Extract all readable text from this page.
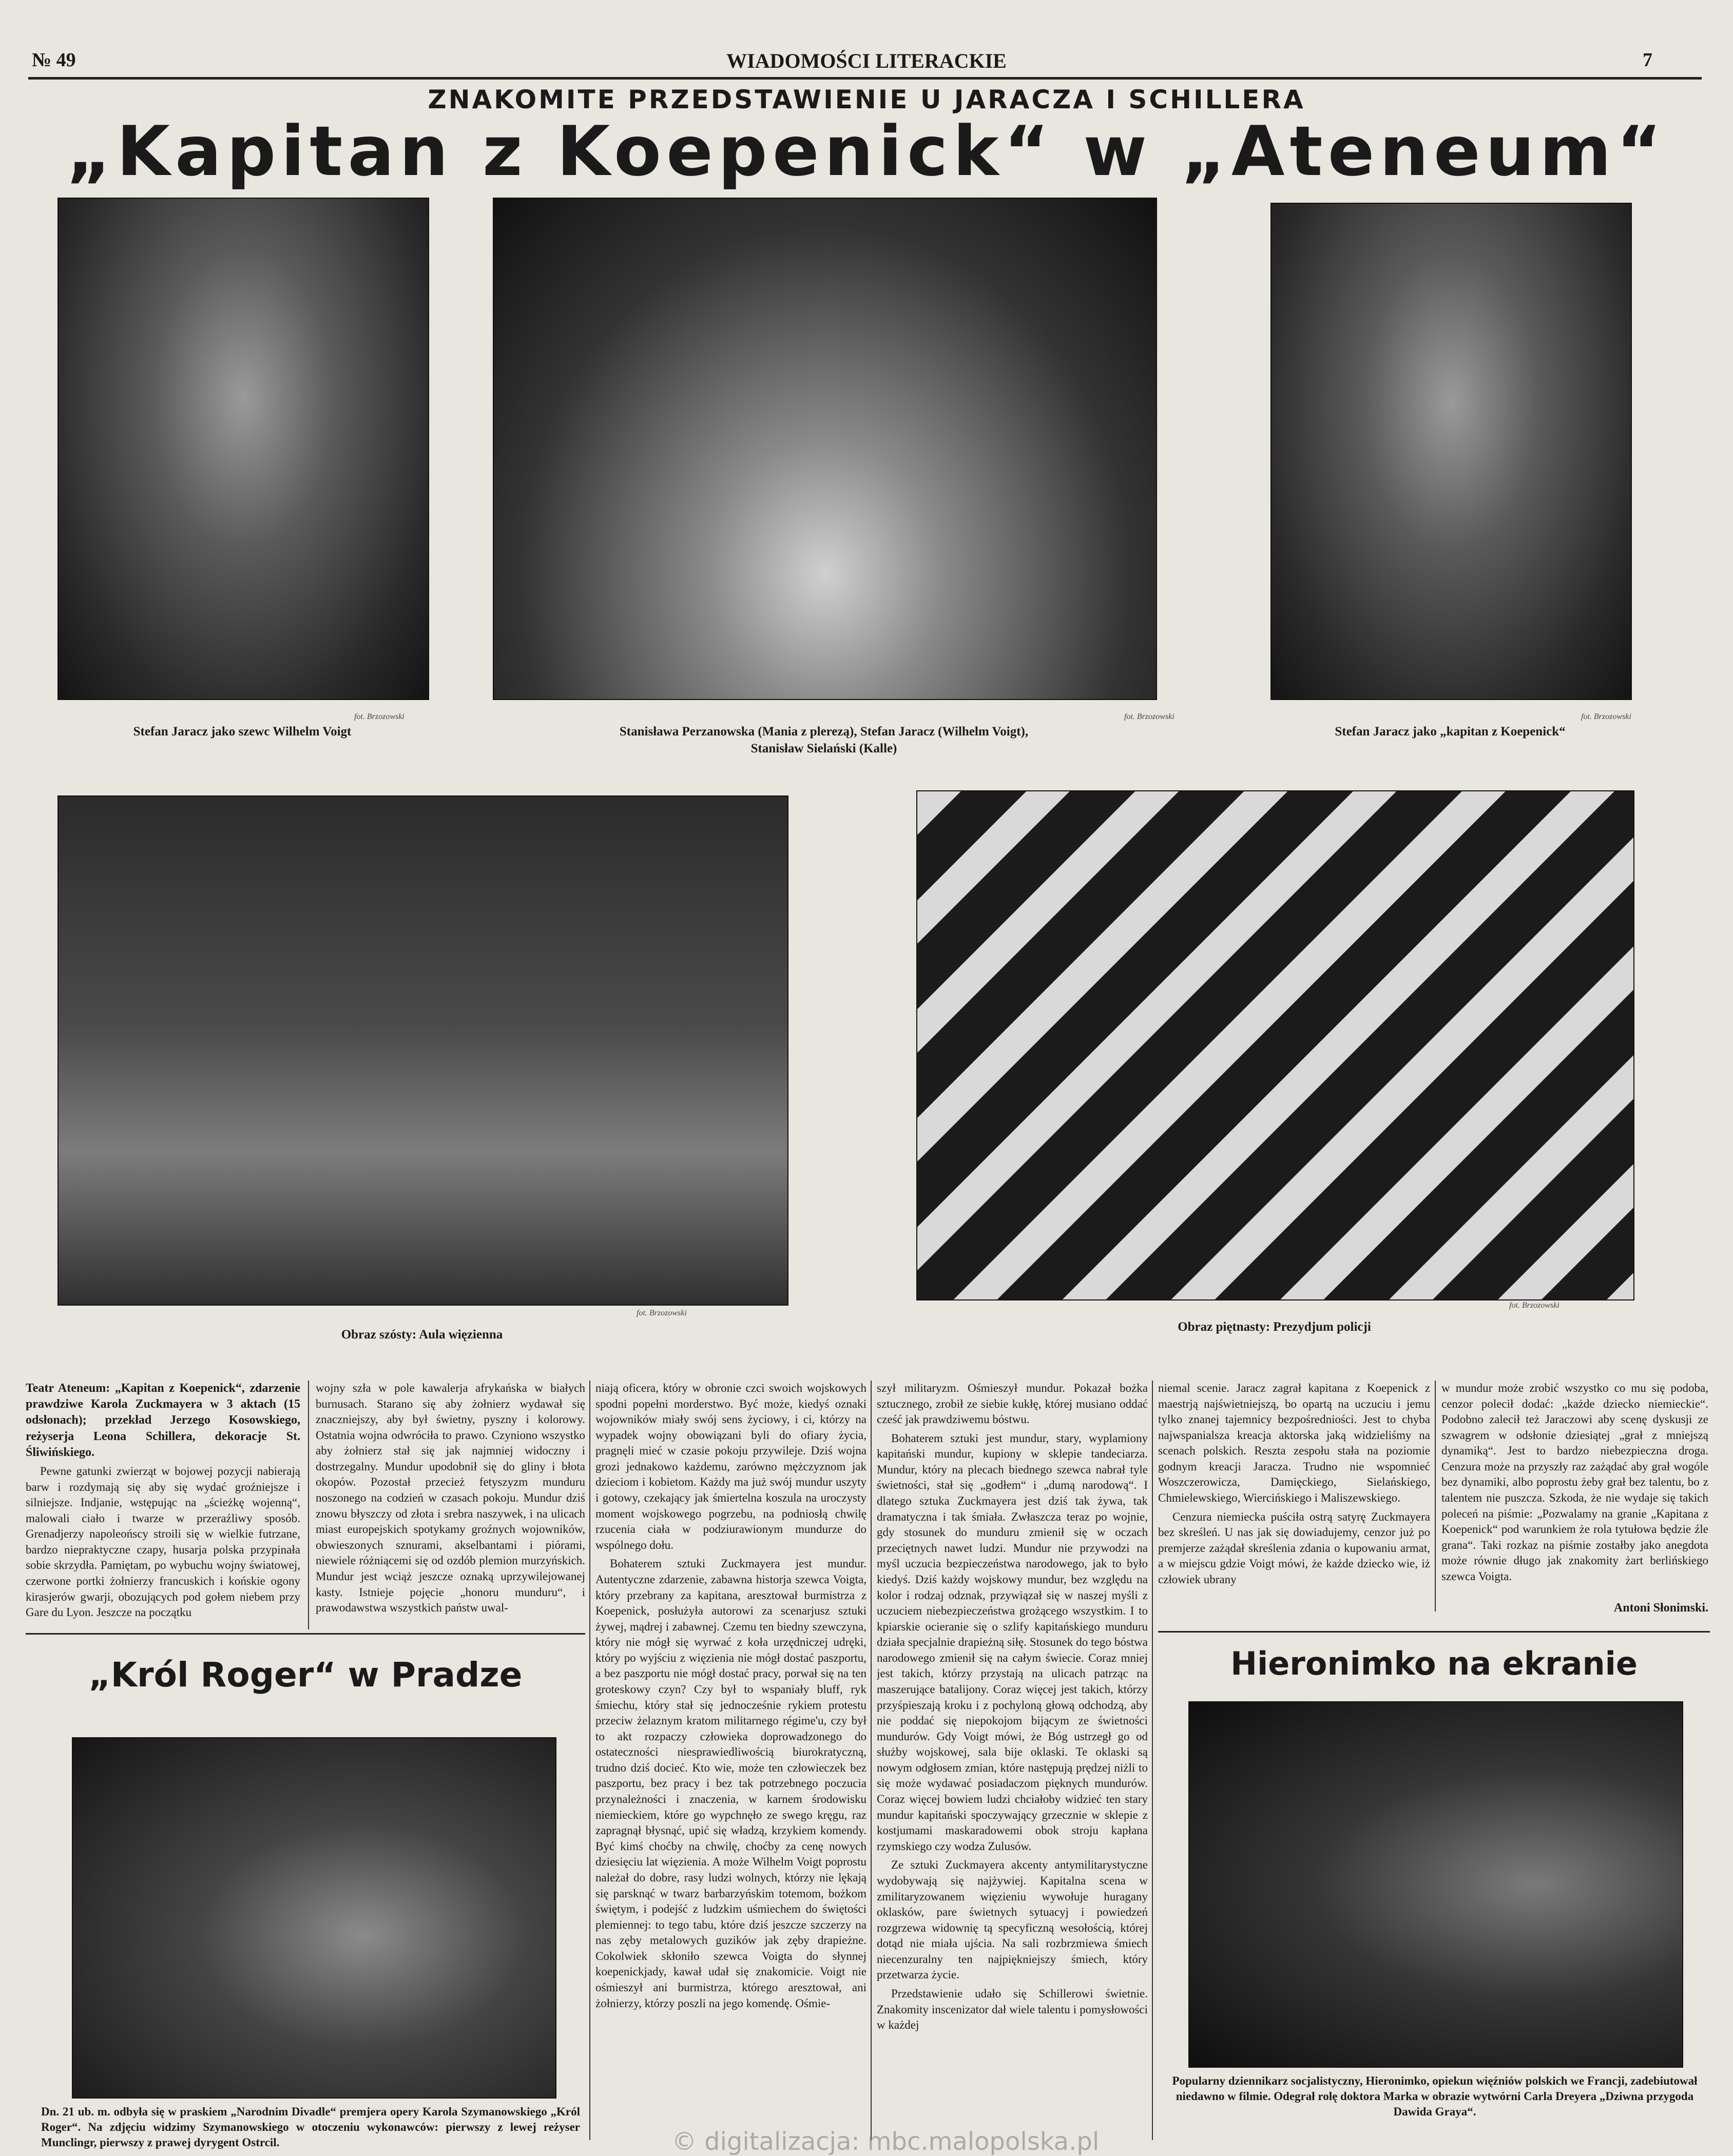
№ 49	WIADOMOŚCI LITERACKIE	7
ZNAKOMITE PRZEDSTAWIENIE U JARACZA I SCHILLERA
„Kapitan z Koepenick“ w „Ateneum“
fot. Brzozowski	fot. Brzozowski	fot. Brzozowski
Stefan Jaracz jako szewc Wilhelm Voigt	Stanisława Perzanowska (Mania z plerezą), Stefan Jaracz (Wilhelm Voigt),
Stanisław Sielański (Kalle)
Stefan Jaracz jako „kapitan z Koepenick“
fot. Brzozowski
fot. Brzozowski
Obraz szósty: Aula więzienna
Obraz piętnasty: Prezydjum policji

Teatr Ateneum: „Kapitan z Koepenick“, zdarzenie prawdziwe Karola Zuckmayera w 3 aktach (15 odsłonach); przekład Jerzego Kosowskiego, reżyserja Leona Schillera, dekoracje St. Śliwińskiego.

Pewne gatunki zwierząt w bojowej pozycji nabierają barw i rozdymają się aby się wydać groźniejsze i silniejsze. Indjanie, wstępując na „ścieżkę wojenną“, malowali ciało i twarze w przeraźliwy sposób. Grenadjerzy napoleońscy stroili się w wielkie futrzane, bardzo niepraktyczne czapy, husarja polska przypinała sobie skrzydła. Pamiętam, po wybuchu wojny światowej, czerwone portki żołnierzy francuskich i końskie ogony kirasjerów gwarji, obozujących pod gołem niebem przy Gare du Lyon. Jeszcze na początku

wojny szła w pole kawalerja afrykańska w białych burnusach. Starano się aby żołnierz wydawał się znaczniejszy, aby był świetny, pyszny i kolorowy. Ostatnia wojna odwróciła to prawo. Czyniono wszystko aby żołnierz stał się jak najmniej widoczny i dostrzegalny. Mundur upodobnił się do gliny i błota okopów. Pozostał przecież fetyszyzm munduru noszonego na codzień w czasach pokoju. Mundur dziś znowu błyszczy od złota i srebra naszywek, i na ulicach miast europejskich spotykamy groźnych wojowników, obwieszonych sznurami, akselbantami i piórami, niewiele różniącemi się od ozdób plemion murzyńskich. Mundur jest wciąż jeszcze oznaką uprzywilejowanej kasty. Istnieje pojęcie „honoru munduru“, i prawodawstwa wszystkich państw uwal-

niają oficera, który w obronie czci swoich wojskowych spodni popełni morderstwo. Być może, kiedyś oznaki wojowników miały swój sens życiowy, i ci, którzy na wypadek wojny obowiązani byli do ofiary życia, pragnęli mieć w czasie pokoju przywileje. Dziś wojna grozi jednakowo każdemu, zarówno mężczyznom jak dzieciom i kobietom. Każdy ma już swój mundur uszyty i gotowy, czekający jak śmiertelna koszula na uroczysty moment wojskowego pogrzebu, na podniosłą chwilę rzucenia ciała w podziurawionym mundurze do wspólnego dołu.

Bohaterem sztuki Zuckmayera jest mundur. Autentyczne zdarzenie, zabawna historja szewca Voigta, który przebrany za kapitana, aresztował burmistrza z Koepenick, posłużyła autorowi za scenarjusz sztuki żywej, mądrej i zabawnej. Czemu ten biedny szewczyna, który nie mógł się wyrwać z koła urzędniczej udręki, który po wyjściu z więzienia nie mógł dostać paszportu, a bez paszportu nie mógł dostać pracy, porwał się na ten groteskowy czyn? Czy był to wspaniały bluff, ryk śmiechu, który stał się jednocześnie rykiem protestu przeciw żelaznym kratom militarnego régime'u, czy był to akt rozpaczy człowieka doprowadzonego do ostateczności niesprawiedliwością biurokratyczną, trudno dziś docieć. Kto wie, może ten człowieczek bez paszportu, bez pracy i bez tak potrzebnego poczucia przynależności i znaczenia, w karnem środowisku niemieckiem, które go wypchnęło ze swego kręgu, raz zapragnął błysnąć, upić się władzą, krzykiem komendy. Być kimś choćby na chwilę, choćby za cenę nowych dziesięciu lat więzienia. A może Wilhelm Voigt poprostu należał do dobre, rasy ludzi wolnych, którzy nie lękają się parsknąć w twarz barbarzyńskim totemom, bożkom świętym, i podejść z ludzkim uśmiechem do świętości plemiennej: to tego tabu, które dziś jeszcze szczerzy na nas zęby metalowych guzików jak zęby drapieżne. Cokolwiek skłoniło szewca Voigta do słynnej koepenickjady, kawał udał się znakomicie. Voigt nie ośmieszył ani burmistrza, którego aresztował, ani żołnierzy, którzy poszli na jego komendę. Ośmie-

szył militaryzm. Ośmieszył mundur. Pokazał bożka sztucznego, zrobił ze siebie kukłę, której musiano oddać cześć jak prawdziwemu bóstwu.

Bohaterem sztuki jest mundur, stary, wyplamiony kapitański mundur, kupiony w sklepie tandeciarza. Mundur, który na plecach biednego szewca nabrał tyle świetności, stał się „godłem“ i „dumą narodową“. I dlatego sztuka Zuckmayera jest dziś tak żywa, tak dramatyczna i tak śmiała. Zwłaszcza teraz po wojnie, gdy stosunek do munduru zmienił się w oczach przeciętnych nawet ludzi. Mundur nie przywodzi na myśl uczucia bezpieczeństwa narodowego, jak to było kiedyś. Dziś każdy wojskowy mundur, bez względu na kolor i rodzaj odznak, przywiązał się w naszej myśli z uczuciem niebezpieczeństwa grożącego wszystkim. I to kpiarskie ocieranie się o szlify kapitańskiego munduru działa specjalnie drapieżną siłę. Stosunek do tego bóstwa narodowego zmienił się na całym świecie. Coraz mniej jest takich, którzy przystają na ulicach patrząc na maszerujące batalijony. Coraz więcej jest takich, którzy przyśpieszają kroku i z pochyloną głową odchodzą, aby nie poddać się niepokojom bijącym ze świetności mundurów. Gdy Voigt mówi, że Bóg ustrzegł go od służby wojskowej, sala bije oklaski. Te oklaski są nowym odgłosem zmian, które następują prędzej niżli to się może wydawać posiadaczom pięknych mundurów. Coraz więcej bowiem ludzi chciałoby widzieć ten stary mundur kapitański spoczywający grzecznie w sklepie z kostjumami maskaradowemi obok stroju kapłana rzymskiego czy wodza Zulusów.

Ze sztuki Zuckmayera akcenty antymilitarystyczne wydobywają się najżywiej. Kapitalna scena w zmilitaryzowanem więzieniu wywołuje huragany oklasków, pare świetnych sytuacyj i powiedzeń rozgrzewa widownię tą specyficzną wesołością, której dotąd nie miała ujścia. Na sali rozbrzmiewa śmiech niecenzuralny ten najpiękniejszy śmiech, który przetwarza życie.

Przedstawienie udało się Schillerowi świetnie. Znakomity inscenizator dał wiele talentu i pomysłowości w każdej

niemal scenie. Jaracz zagrał kapitana z Koepenick z maestrją najświetniejszą, bo opartą na uczuciu i jemu tylko znanej tajemnicy bezpośredniości. Jest to chyba najwspanialsza kreacja aktorska jaką widzieliśmy na scenach polskich. Reszta zespołu stała na poziomie godnym kreacji Jaracza. Trudno nie wspomnieć Woszczerowicza, Damięckiego, Sielańskiego, Chmielewskiego, Wiercińskiego i Maliszewskiego.

Cenzura niemiecka puściła ostrą satyrę Zuckmayera bez skreśleń. U nas jak się dowiadujemy, cenzor już po premjerze zażądał skreślenia zdania o kupowaniu armat, a w miejscu gdzie Voigt mówi, że każde dziecko wie, iż człowiek ubrany

w mundur może zrobić wszystko co mu się podoba, cenzor polecił dodać: „każde dziecko niemieckie“. Podobno zalecił też Jaraczowi aby scenę dyskusji ze szwagrem w odsłonie dziesiątej „grał z mniejszą dynamiką“. Jest to bardzo niebezpieczna droga. Cenzura może na przyszły raz zażądać aby grał wogóle bez dynamiki, albo poprostu żeby grał bez talentu, bo z talentem nie puszcza. Szkoda, że nie wydaje się takich poleceń na piśmie: „Pozwalamy na granie „Kapitana z Koepenick“ pod warunkiem że rola tytułowa będzie źle grana“. Taki rozkaz na piśmie zostałby jako anegdota może równie długo jak znakomity żart berlińskiego szewca Voigta.

Antoni Słonimski.
„Król Roger“ w Pradze
Dn. 21 ub. m. odbyła się w praskiem „Narodnim Divadle“ premjera opery Karola Szymanowskiego „Król Roger“. Na zdjęciu widzimy Szymanowskiego w otoczeniu wykonawców: pierwszy z lewej reżyser Munclingr, pierwszy z prawej dyrygent Ostrcil.
Hieronimko na ekranie
Popularny dziennikarz socjalistyczny, Hieronimko, opiekun więźniów polskich we Francji, zadebiutował niedawno w filmie. Odegrał rolę doktora Marka w obrazie wytwórni Carla Dreyera „Dziwna przygoda Dawida Graya“.
© digitalizacja: mbc.malopolska.pl
